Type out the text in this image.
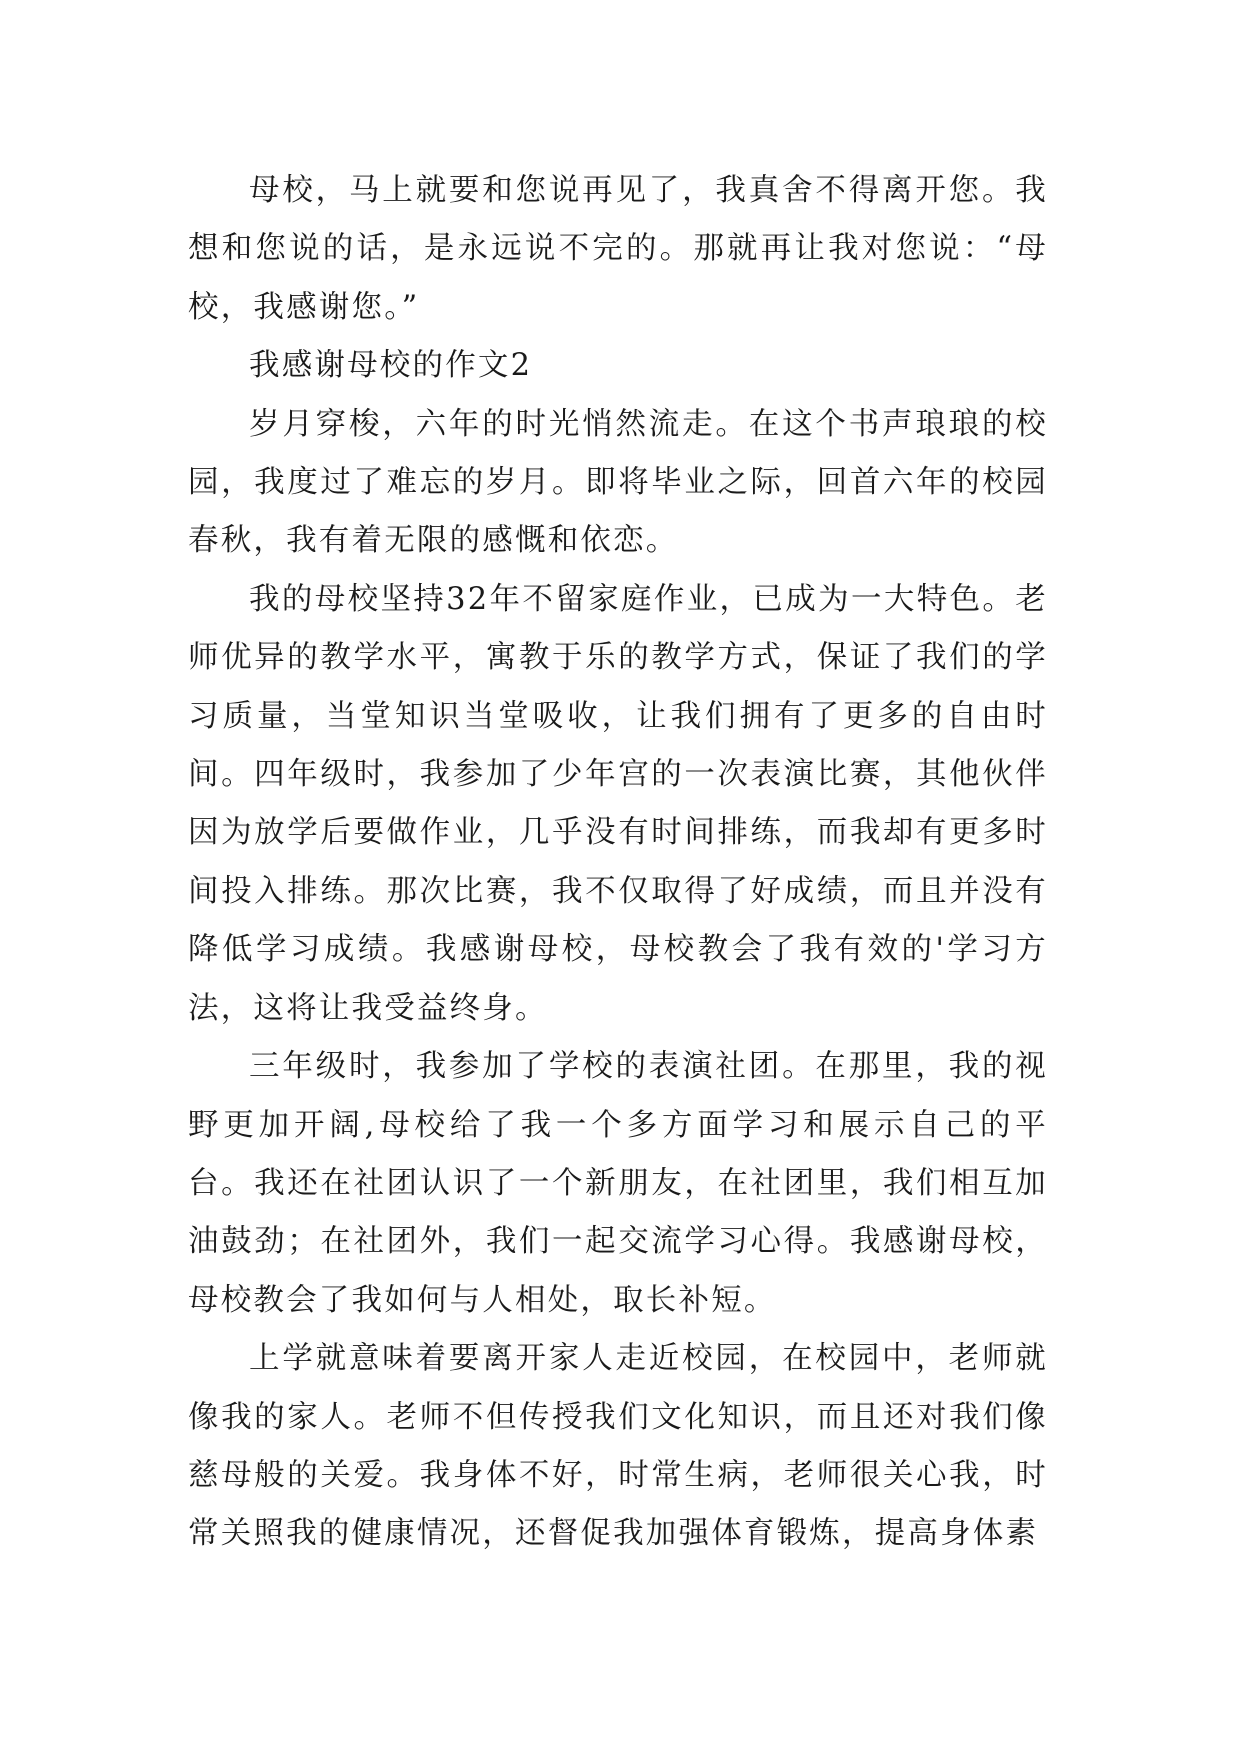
母校，马上就要和您说再见了，我真舍不得离开您。我想和您说的话，是永远说不完的。那就再让我对您说：“母校，我感谢您。”

我感谢母校的作文2

岁月穿梭，六年的时光悄然流走。在这个书声琅琅的校园，我度过了难忘的岁月。即将毕业之际，回首六年的校园春秋，我有着无限的感慨和依恋。

我的母校坚持32年不留家庭作业，已成为一大特色。老师优异的教学水平，寓教于乐的教学方式，保证了我们的学习质量，当堂知识当堂吸收，让我们拥有了更多的自由时间。四年级时，我参加了少年宫的一次表演比赛，其他伙伴因为放学后要做作业，几乎没有时间排练，而我却有更多时间投入排练。那次比赛，我不仅取得了好成绩，而且并没有降低学习成绩。我感谢母校，母校教会了我有效的'学习方法，这将让我受益终身。

三年级时，我参加了学校的表演社团。在那里，我的视野更加开阔,母校给了我一个多方面学习和展示自己的平台。我还在社团认识了一个新朋友，在社团里，我们相互加油鼓劲；在社团外，我们一起交流学习心得。我感谢母校，母校教会了我如何与人相处，取长补短。

上学就意味着要离开家人走近校园，在校园中，老师就像我的家人。老师不但传授我们文化知识，而且还对我们像慈母般的关爱。我身体不好，时常生病，老师很关心我，时常关照我的健康情况，还督促我加强体育锻炼，提高身体素
